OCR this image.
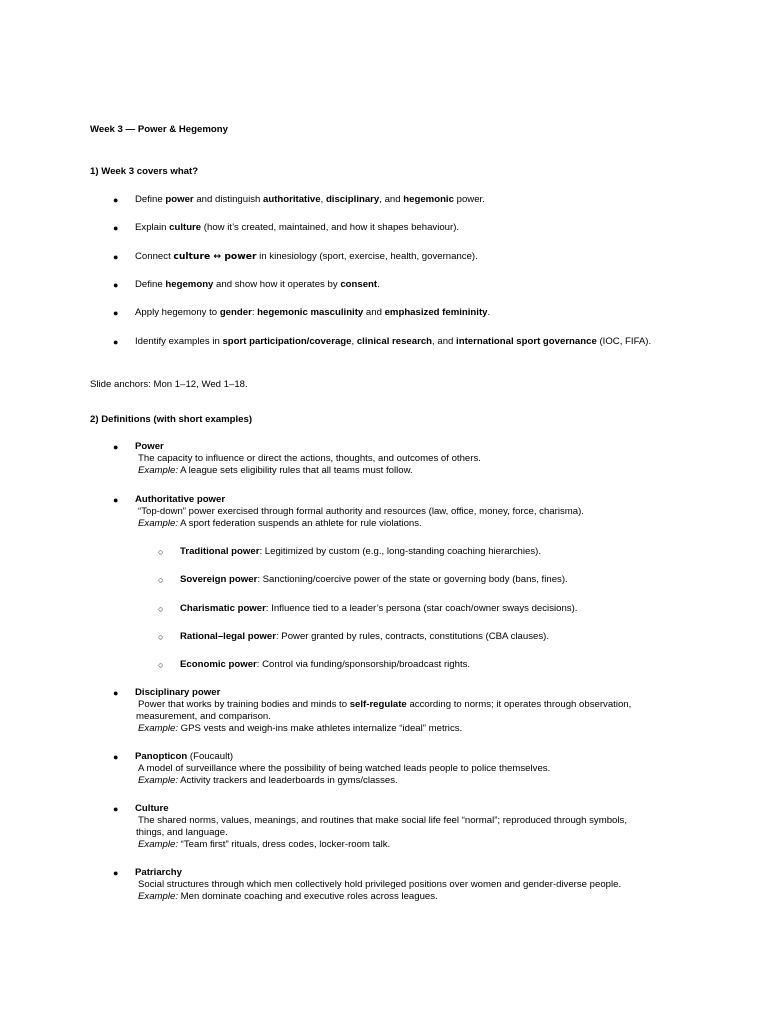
Week 3 — Power & Hegemony
1) Week 3 covers what?
● Define power and distinguish authoritative, disciplinary, and hegemonic power.
● Explain culture (how it’s created, maintained, and how it shapes behaviour).
● Connect culture ↔ power in kinesiology (sport, exercise, health, governance).
● Define hegemony and show how it operates by consent.
● Apply hegemony to gender: hegemonic masculinity and emphasized femininity.
● Identify examples in sport participation/coverage, clinical research, and international sport governance (IOC, FIFA).
Slide anchors: Mon 1–12, Wed 1–18.
2) Definitions (with short examples)
● Power
The capacity to influence or direct the actions, thoughts, and outcomes of others.
Example: A league sets eligibility rules that all teams must follow.
● Authoritative power
“Top-down” power exercised through formal authority and resources (law, office, money, force, charisma).
Example: A sport federation suspends an athlete for rule violations.
○ Traditional power: Legitimized by custom (e.g., long-standing coaching hierarchies).
○ Sovereign power: Sanctioning/coercive power of the state or governing body (bans, fines).
○ Charismatic power: Influence tied to a leader’s persona (star coach/owner sways decisions).
○ Rational–legal power: Power granted by rules, contracts, constitutions (CBA clauses).
○ Economic power: Control via funding/sponsorship/broadcast rights.
● Disciplinary power
Power that works by training bodies and minds to self-regulate according to norms; it operates through observation,
measurement, and comparison.
Example: GPS vests and weigh-ins make athletes internalize “ideal” metrics.
● Panopticon (Foucault)
A model of surveillance where the possibility of being watched leads people to police themselves.
Example: Activity trackers and leaderboards in gyms/classes.
● Culture
The shared norms, values, meanings, and routines that make social life feel “normal”; reproduced through symbols,
things, and language.
Example: “Team first” rituals, dress codes, locker-room talk.
● Patriarchy
Social structures through which men collectively hold privileged positions over women and gender-diverse people.
Example: Men dominate coaching and executive roles across leagues.
